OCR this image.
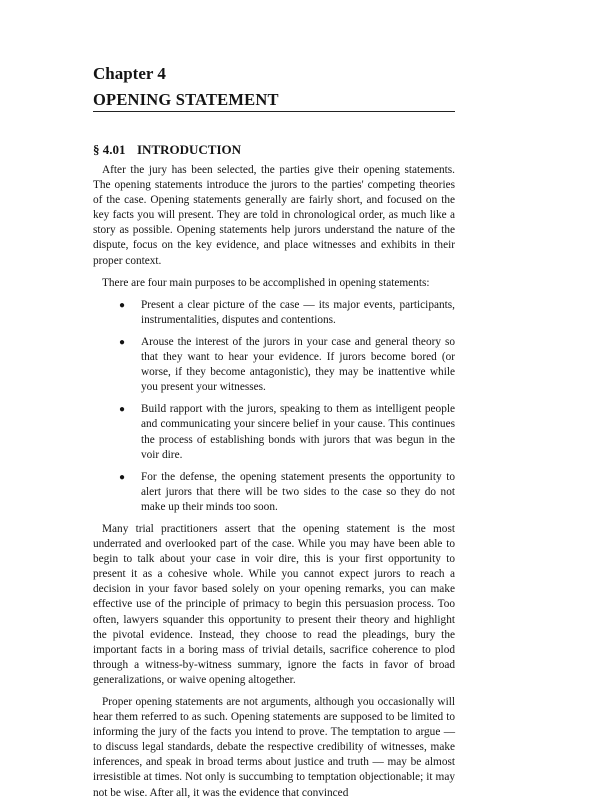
Chapter 4
OPENING STATEMENT
§ 4.01 INTRODUCTION

After the jury has been selected, the parties give their opening statements. The opening statements introduce the jurors to the parties' competing theories of the case. Opening statements generally are fairly short, and focused on the key facts you will present. They are told in chronological order, as much like a story as possible. Opening statements help jurors understand the nature of the dispute, focus on the key evidence, and place witnesses and exhibits in their proper context.

There are four main purposes to be accomplished in opening statements:

● Present a clear picture of the case — its major events, participants, instrumentalities, disputes and contentions.
● Arouse the interest of the jurors in your case and general theory so that they want to hear your evidence. If jurors become bored (or worse, if they become antagonistic), they may be inattentive while you present your witnesses.
● Build rapport with the jurors, speaking to them as intelligent people and communicating your sincere belief in your cause. This continues the process of establishing bonds with jurors that was begun in the voir dire.
● For the defense, the opening statement presents the opportunity to alert jurors that there will be two sides to the case so they do not make up their minds too soon.

Many trial practitioners assert that the opening statement is the most underrated and overlooked part of the case. While you may have been able to begin to talk about your case in voir dire, this is your first opportunity to present it as a cohesive whole. While you cannot expect jurors to reach a decision in your favor based solely on your opening remarks, you can make effective use of the principle of primacy to begin this persuasion process. Too often, lawyers squander this opportunity to present their theory and highlight the pivotal evidence. Instead, they choose to read the pleadings, bury the important facts in a boring mass of trivial details, sacrifice coherence to plod through a witness-by-witness summary, ignore the facts in favor of broad generalizations, or waive opening altogether.

Proper opening statements are not arguments, although you occasionally will hear them referred to as such. Opening statements are supposed to be limited to informing the jury of the facts you intend to prove. The temptation to argue — to discuss legal standards, debate the respective credibility of witnesses, make inferences, and speak in broad terms about justice and truth — may be almost irresistible at times. Not only is succumbing to temptation objectionable; it may not be wise. After all, it was the evidence that convinced
